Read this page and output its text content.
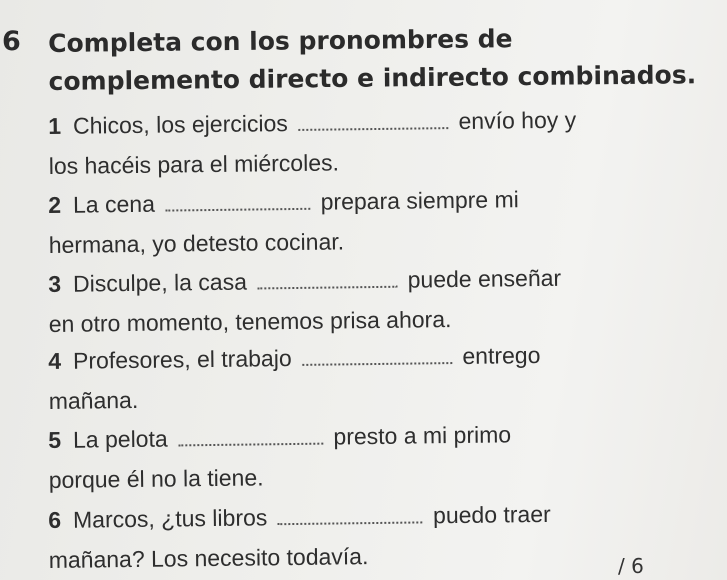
6 Completa con los pronombres de
complemento directo e indirecto combinados.
1 Chicos, los ejercicios	envío hoy y
los hacéis para el miércoles.
2 La cena	prepara siempre mi
hermana, yo detesto cocinar.
3 Disculpe, la casa	puede enseñar
en otro momento, tenemos prisa ahora.
4 Profesores, el trabajo	entrego
mañana.
5 La pelota	presto a mi primo
porque él no la tiene.
6 Marcos, ¿tus libros	puedo traer
mañana? Los necesito todavía.	/ 6
